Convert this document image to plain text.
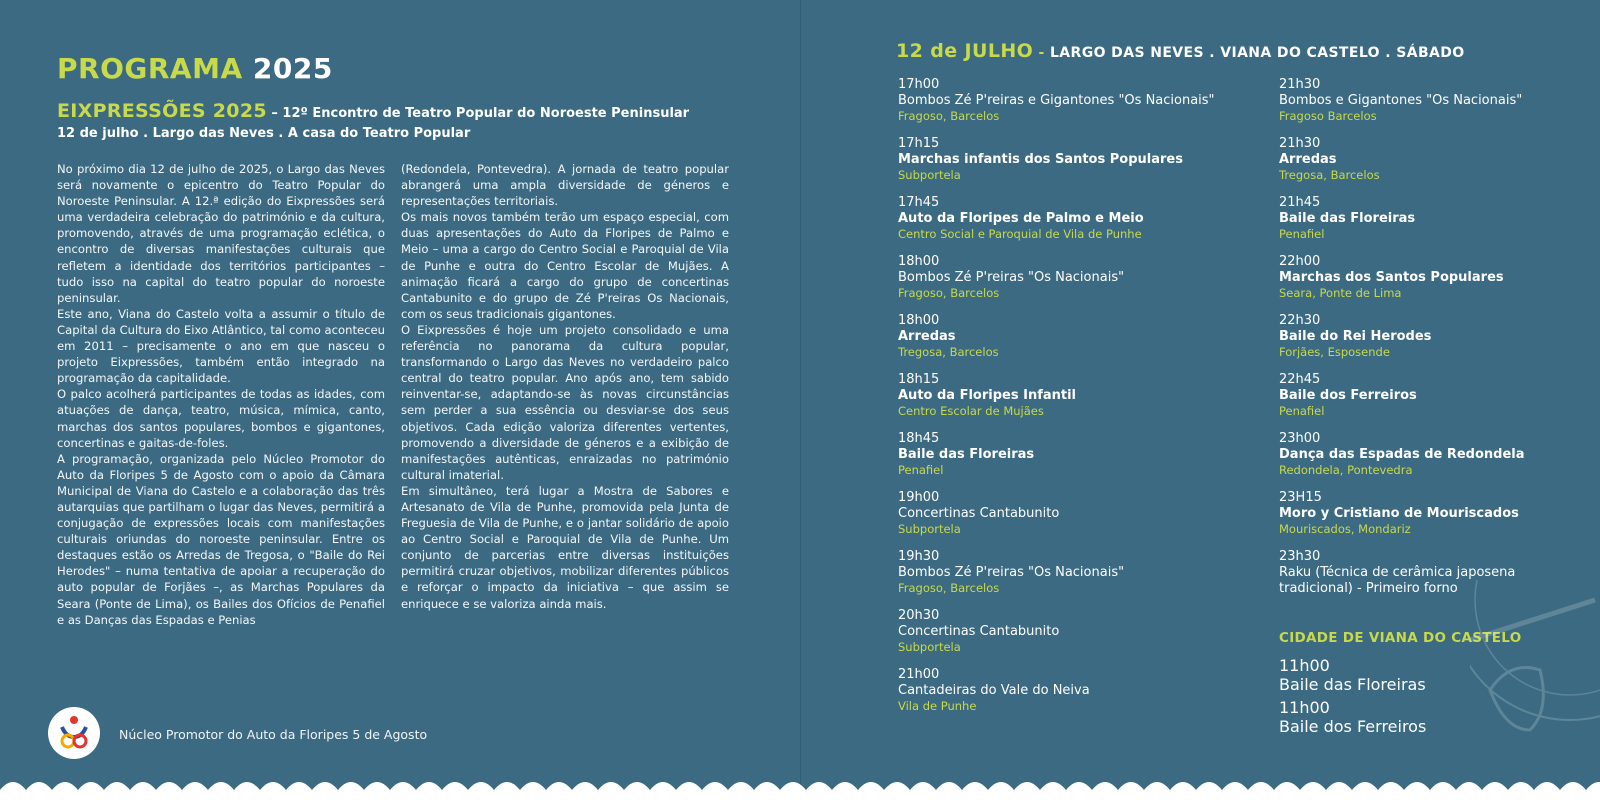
PROGRAMA 2025
EIXPRESSÕES 2025 – 12º Encontro de Teatro Popular do Noroeste Peninsular
12 de julho . Largo das Neves . A casa do Teatro Popular

No próximo dia 12 de julho de 2025, o Largo das Neves será novamente o epicentro do Teatro Popular do Noroeste Peninsular. A 12.ª edição do Eixpressões será uma verdadeira celebração do património e da cultura, promovendo, através de uma programação eclética, o encontro de diversas manifestações culturais que refletem a identidade dos territórios participantes – tudo isso na capital do teatro popular do noroeste peninsular.

Este ano, Viana do Castelo volta a assumir o título de Capital da Cultura do Eixo Atlântico, tal como aconteceu em 2011 – precisamente o ano em que nasceu o projeto Eixpressões, também então integrado na programação da capitalidade.

O palco acolherá participantes de todas as idades, com atuações de dança, teatro, música, mímica, canto, marchas dos santos populares, bombos e gigantones, concertinas e gaitas-de-foles.

A programação, organizada pelo Núcleo Promotor do Auto da Floripes 5 de Agosto com o apoio da Câmara Municipal de Viana do Castelo e a colaboração das três autarquias que partilham o lugar das Neves, permitirá a conjugação de expressões locais com manifestações culturais oriundas do noroeste peninsular. Entre os destaques estão os Arredas de Tregosa, o "Baile do Rei Herodes" – numa tentativa de apoiar a recuperação do auto popular de Forjães –, as Marchas Populares da Seara (Ponte de Lima), os Bailes dos Ofícios de Penafiel e as Danças das Espadas e Penias

(Redondela, Pontevedra). A jornada de teatro popular abrangerá uma ampla diversidade de géneros e representações territoriais.

Os mais novos também terão um espaço especial, com duas apresentações do Auto da Floripes de Palmo e Meio – uma a cargo do Centro Social e Paroquial de Vila de Punhe e outra do Centro Escolar de Mujães. A animação ficará a cargo do grupo de concertinas Cantabunito e do grupo de Zé P'reiras Os Nacionais, com os seus tradicionais gigantones.

O Eixpressões é hoje um projeto consolidado e uma referência no panorama da cultura popular, transformando o Largo das Neves no verdadeiro palco central do teatro popular. Ano após ano, tem sabido reinventar-se, adaptando-se às novas circunstâncias sem perder a sua essência ou desviar-se dos seus objetivos. Cada edição valoriza diferentes vertentes, promovendo a diversidade de géneros e a exibição de manifestações autênticas, enraizadas no património cultural imaterial.

Em simultâneo, terá lugar a Mostra de Sabores e Artesanato de Vila de Punhe, promovida pela Junta de Freguesia de Vila de Punhe, e o jantar solidário de apoio ao Centro Social e Paroquial de Vila de Punhe. Um conjunto de parcerias entre diversas instituições permitirá cruzar objetivos, mobilizar diferentes públicos e reforçar o impacto da iniciativa – que assim se enriquece e se valoriza ainda mais.

Núcleo Promotor do Auto da Floripes 5 de Agosto
12 de JULHO - LARGO DAS NEVES . VIANA DO CASTELO . SÁBADO
17h00
Bombos Zé P'reiras e Gigantones "Os Nacionais"
Fragoso, Barcelos
17h15
Marchas infantis dos Santos Populares
Subportela
17h45
Auto da Floripes de Palmo e Meio
Centro Social e Paroquial de Vila de Punhe
18h00
Bombos Zé P'reiras "Os Nacionais"
Fragoso, Barcelos
18h00
Arredas
Tregosa, Barcelos
18h15
Auto da Floripes Infantil
Centro Escolar de Mujães
18h45
Baile das Floreiras
Penafiel
19h00
Concertinas Cantabunito
Subportela
19h30
Bombos Zé P'reiras "Os Nacionais"
Fragoso, Barcelos
20h30
Concertinas Cantabunito
Subportela
21h00
Cantadeiras do Vale do Neiva
Vila de Punhe
21h30
Bombos e Gigantones "Os Nacionais"
Fragoso Barcelos
21h30
Arredas
Tregosa, Barcelos
21h45
Baile das Floreiras
Penafiel
22h00
Marchas dos Santos Populares
Seara, Ponte de Lima
22h30
Baile do Rei Herodes
Forjães, Esposende
22h45
Baile dos Ferreiros
Penafiel
23h00
Dança das Espadas de Redondela
Redondela, Pontevedra
23H15
Moro y Cristiano de Mouriscados
Mouriscados, Mondariz
23h30
Raku (Técnica de cerâmica japosena tradicional) - Primeiro forno
CIDADE DE VIANA DO CASTELO
11h00
Baile das Floreiras
11h00
Baile dos Ferreiros
